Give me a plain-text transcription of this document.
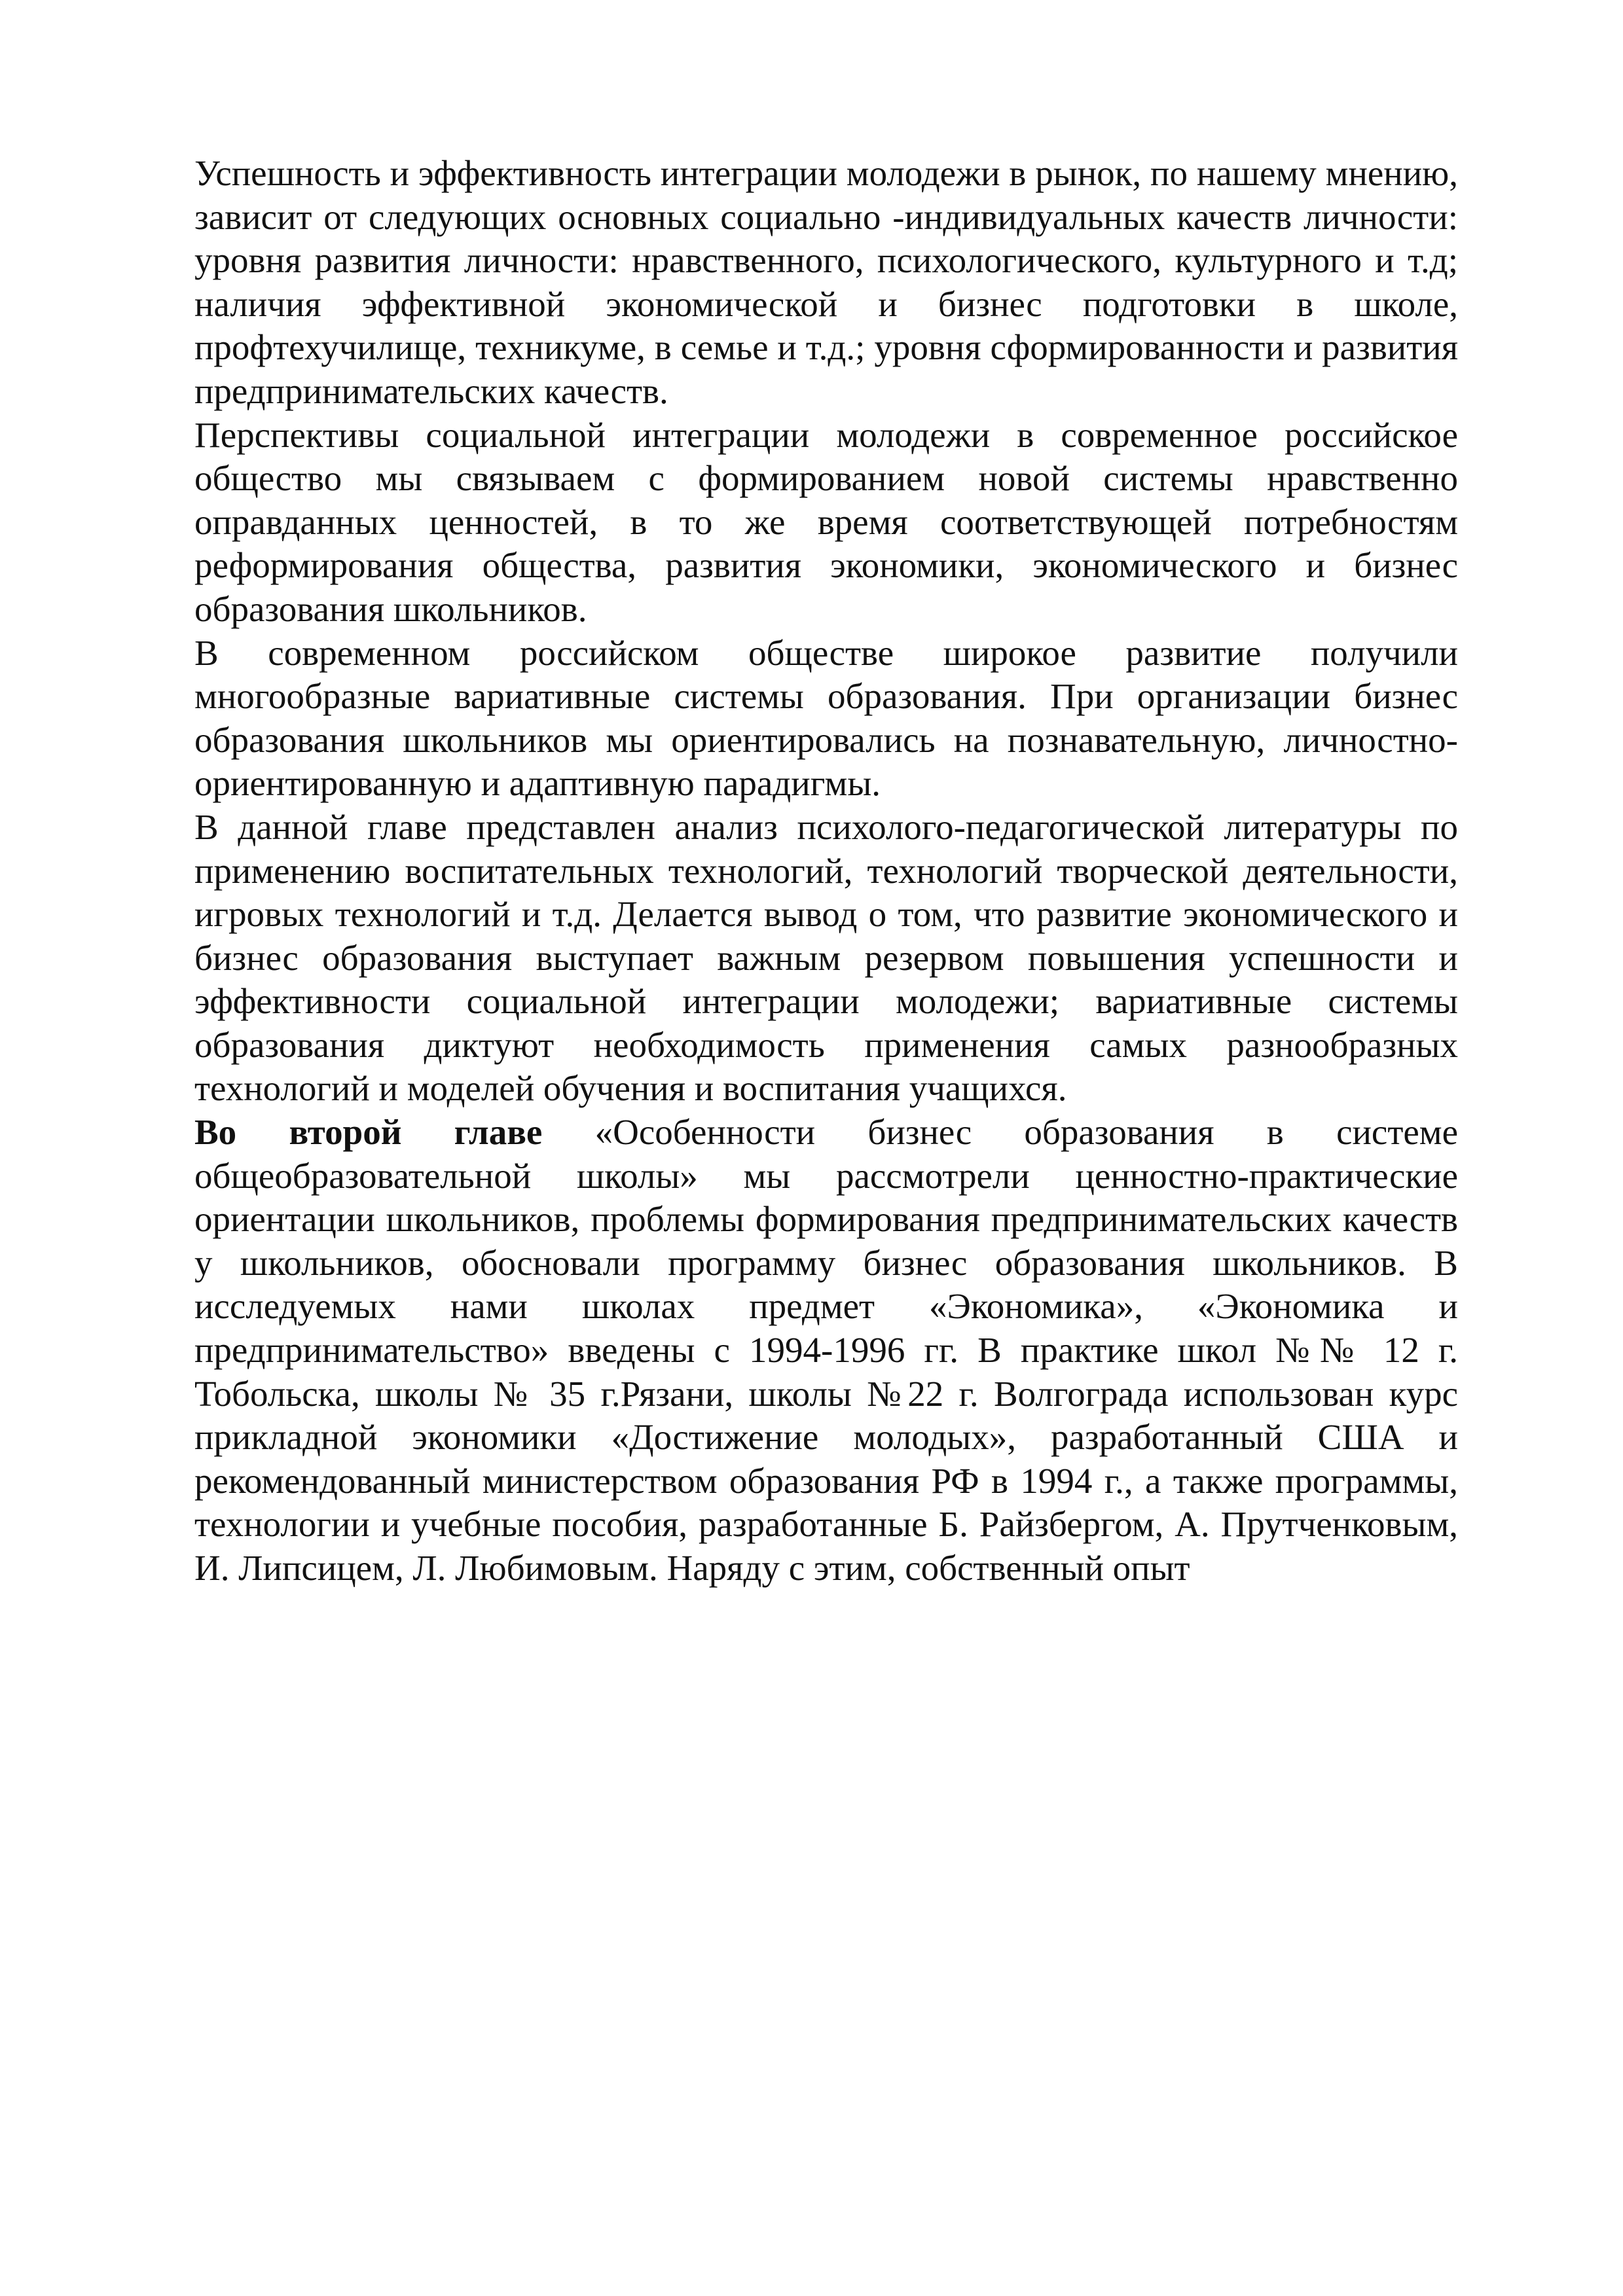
Успешность и эффективность интеграции молодежи в рынок, по нашему мнению, зависит от следующих основных социально -индивидуальных качеств личности: уровня развития личности: нравственного, психологического, культурного и т.д; наличия эффективной экономической и бизнес подготовки в школе, профтехучилище, техникуме, в семье и т.д.; уровня сформированности и развития предпринимательских качеств.

Перспективы социальной интеграции молодежи в современное российское общество мы связываем с формированием новой системы нравственно оправданных ценностей, в то же время соответствующей потребностям реформирования общества, развития экономики, экономического и бизнес образования школьников.

В современном российском обществе широкое развитие получили многообразные вариативные системы образования. При организации бизнес образования школьников мы ориентировались на познавательную, личностно-ориентированную и адаптивную парадигмы.

В данной главе представлен анализ психолого-педагогической литературы по применению воспитательных технологий, технологий творческой деятельности, игровых технологий и т.д. Делается вывод о том, что развитие экономического и бизнес образования выступает важным резервом повышения успешности и эффективности социальной интеграции молодежи; вариативные системы образования диктуют необходимость применения самых разнообразных технологий и моделей обучения и воспитания учащихся.

Во второй главе «Особенности бизнес образования в системе общеобразовательной школы» мы рассмотрели ценностно-практические ориентации школьников, проблемы формирования предпринимательских качеств у школьников, обосновали программу бизнес образования школьников. В исследуемых нами школах предмет «Экономика», «Экономика и предпринимательство» введены с 1994-1996 гг. В практике школ №№ 12 г. Тобольска, школы № 35 г.Рязани, школы №22 г. Волгограда использован курс прикладной экономики «Достижение молодых», разработанный США и рекомендованный министерством образования РФ в 1994 г., а также программы, технологии и учебные пособия, разработанные Б. Райзбергом, А. Прутченковым, И. Липсицем, Л. Любимовым. Наряду с этим, собственный опыт
